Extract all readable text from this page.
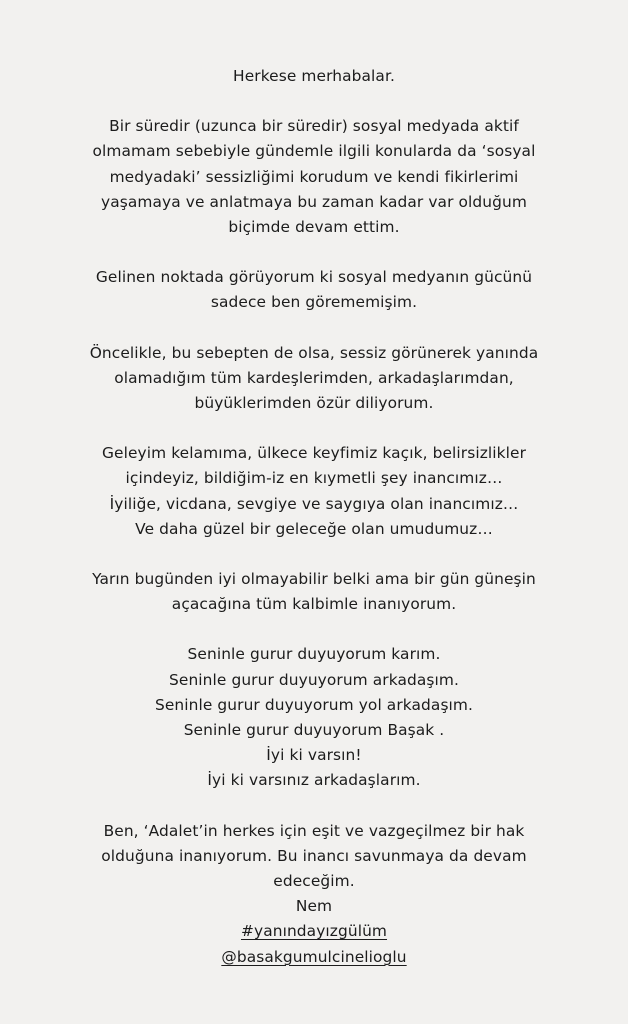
Herkese merhabalar.

Bir süredir (uzunca bir süredir) sosyal medyada aktif
olmamam sebebiyle gündemle ilgili konularda da ‘sosyal
medyadaki’ sessizliğimi korudum ve kendi fikirlerimi
yaşamaya ve anlatmaya bu zaman kadar var olduğum
biçimde devam ettim.

Gelinen noktada görüyorum ki sosyal medyanın gücünü
sadece ben görememişim.

Öncelikle, bu sebepten de olsa, sessiz görünerek yanında
olamadığım tüm kardeşlerimden, arkadaşlarımdan,
büyüklerimden özür diliyorum.

Geleyim kelamıma, ülkece keyfimiz kaçık, belirsizlikler
içindeyiz, bildiğim-iz en kıymetli şey inancımız…
İyiliğe, vicdana, sevgiye ve saygıya olan inancımız…
Ve daha güzel bir geleceğe olan umudumuz…

Yarın bugünden iyi olmayabilir belki ama bir gün güneşin
açacağına tüm kalbimle inanıyorum.

Seninle gurur duyuyorum karım.
Seninle gurur duyuyorum arkadaşım.
Seninle gurur duyuyorum yol arkadaşım.
Seninle gurur duyuyorum Başak .
İyi ki varsın!
İyi ki varsınız arkadaşlarım.

Ben, ‘Adalet’in herkes için eşit ve vazgeçilmez bir hak
olduğuna inanıyorum. Bu inancı savunmaya da devam
edeceğim.

Nem
#yanındayızgülüm
@basakgumulcinelioglu
